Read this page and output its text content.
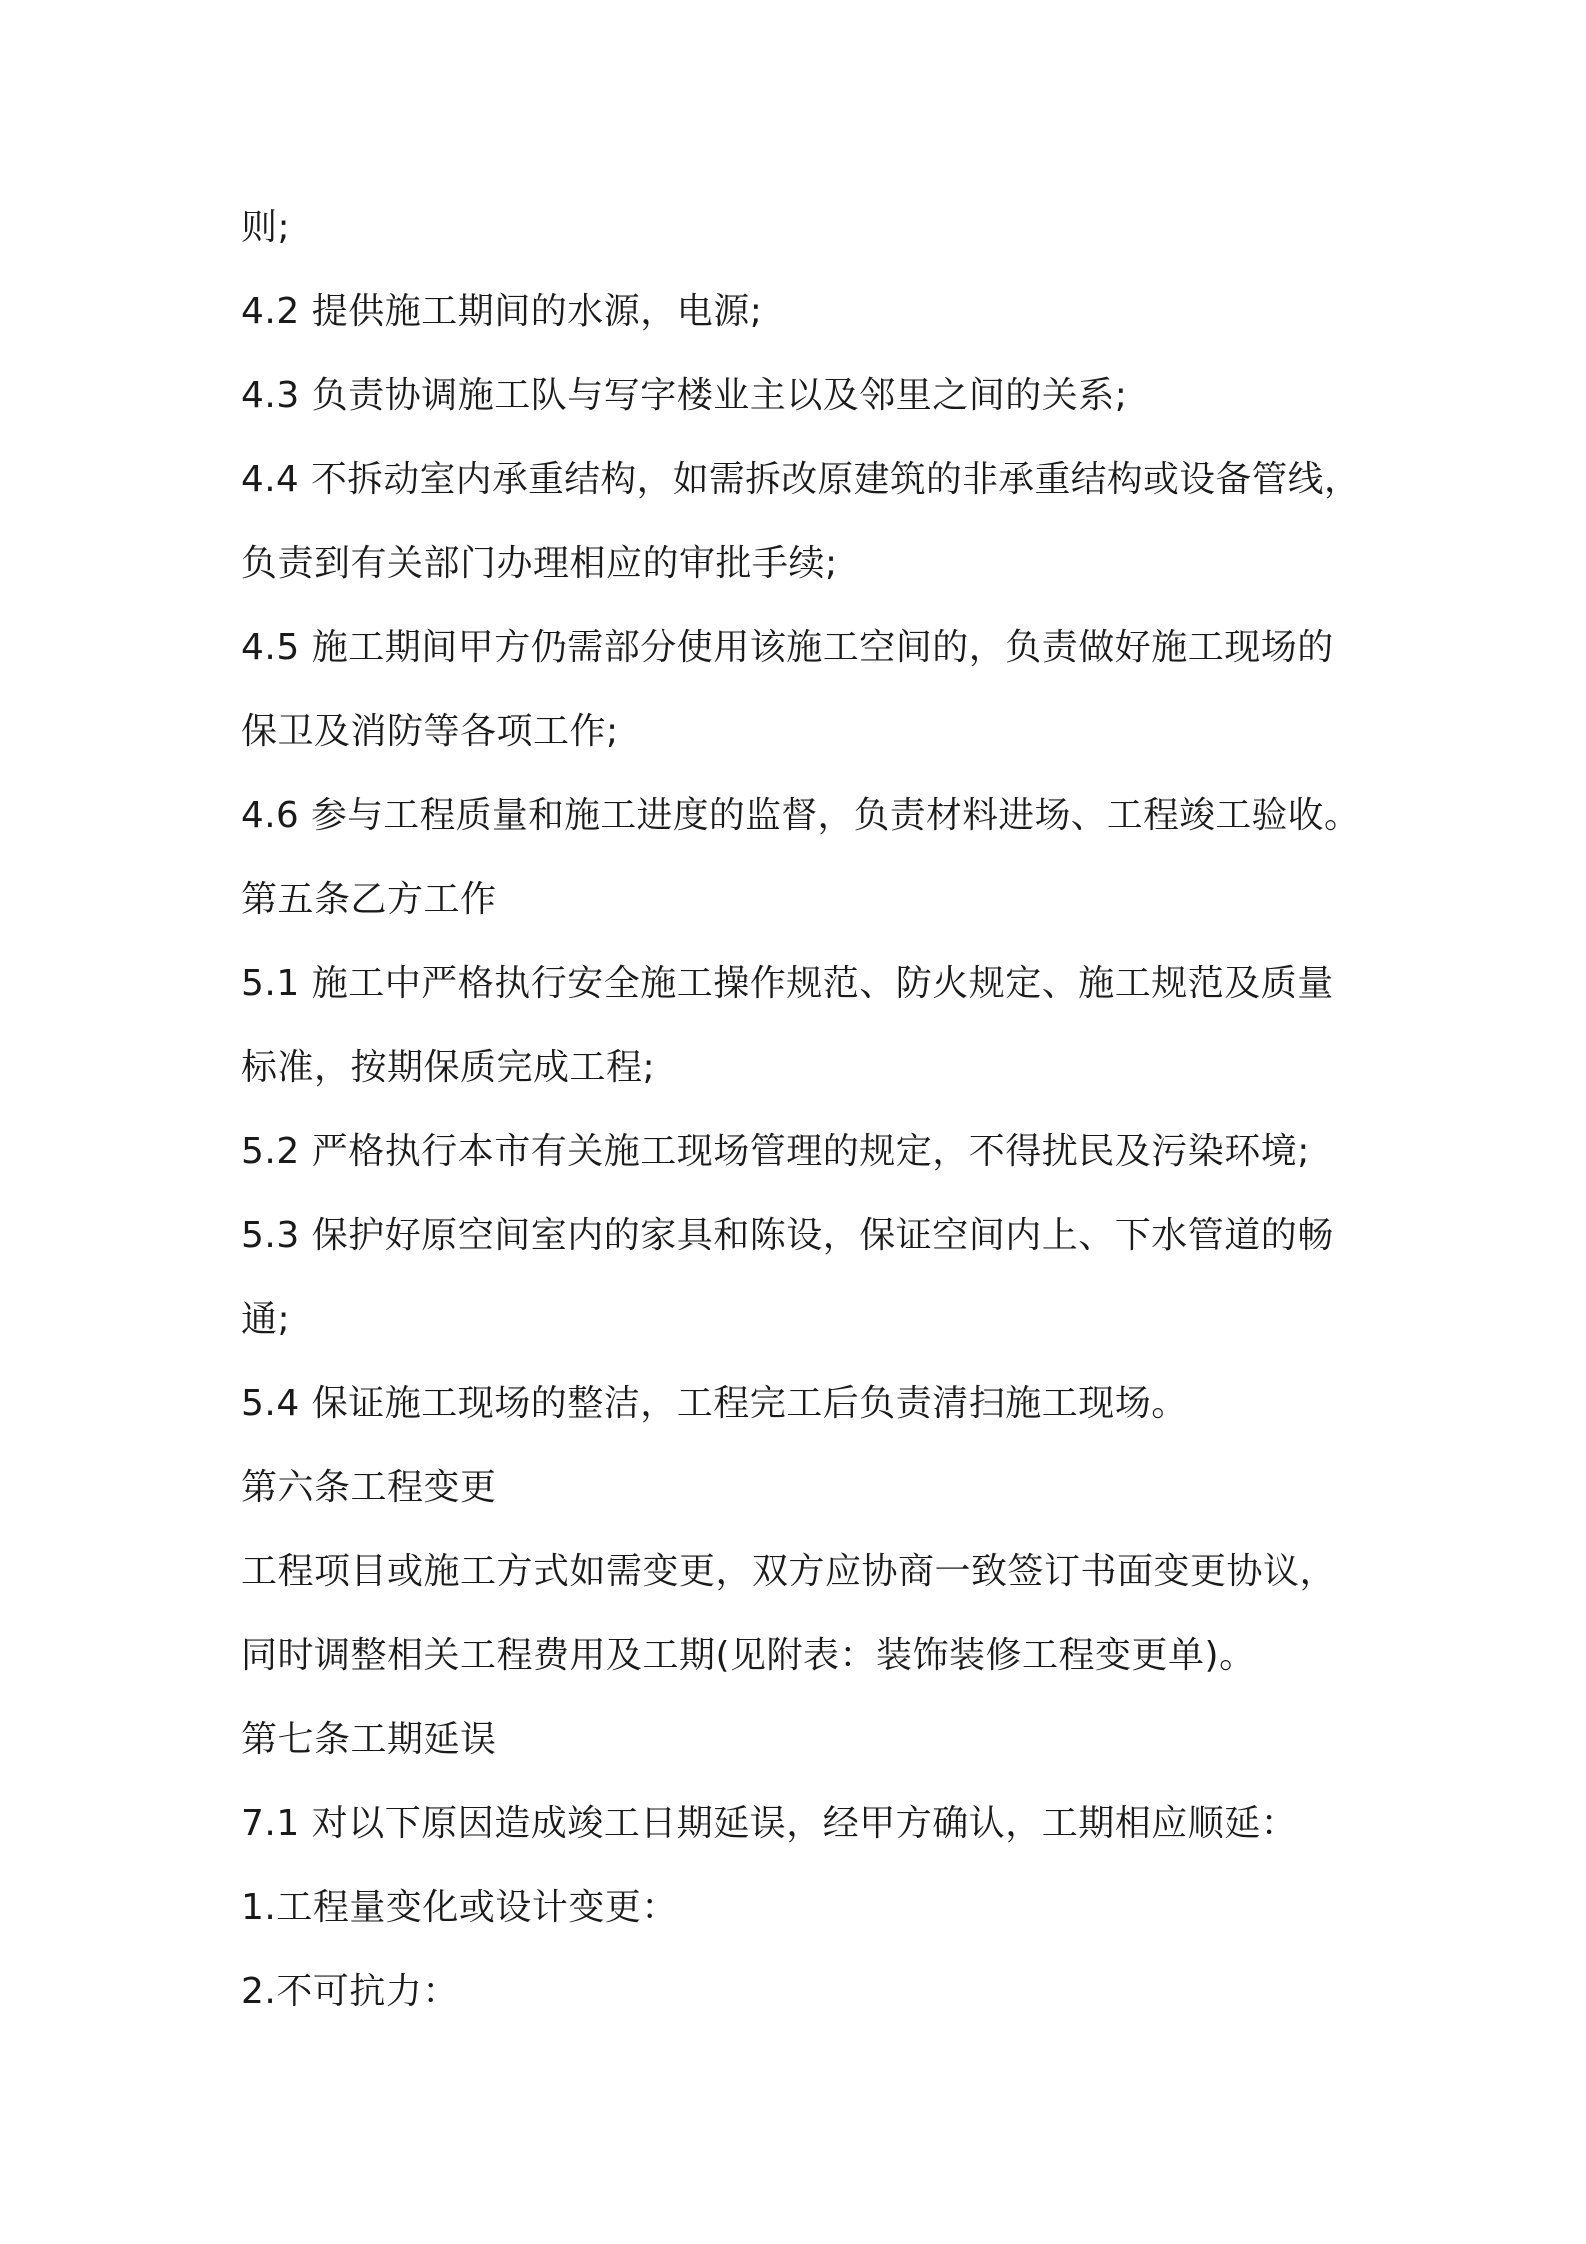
则;
4.2 提供施工期间的水源，电源;
4.3 负责协调施工队与写字楼业主以及邻里之间的关系;
4.4 不拆动室内承重结构，如需拆改原建筑的非承重结构或设备管线，
负责到有关部门办理相应的审批手续;
4.5 施工期间甲方仍需部分使用该施工空间的，负责做好施工现场的
保卫及消防等各项工作;
4.6 参与工程质量和施工进度的监督，负责材料进场、工程竣工验收。
第五条乙方工作
5.1 施工中严格执行安全施工操作规范、防火规定、施工规范及质量
标准，按期保质完成工程;
5.2 严格执行本市有关施工现场管理的规定，不得扰民及污染环境;
5.3 保护好原空间室内的家具和陈设，保证空间内上、下水管道的畅
通;
5.4 保证施工现场的整洁，工程完工后负责清扫施工现场。
第六条工程变更
工程项目或施工方式如需变更，双方应协商一致签订书面变更协议，
同时调整相关工程费用及工期(见附表：装饰装修工程变更单)。
第七条工期延误
7.1 对以下原因造成竣工日期延误，经甲方确认，工期相应顺延：
1.工程量变化或设计变更：
2.不可抗力：
